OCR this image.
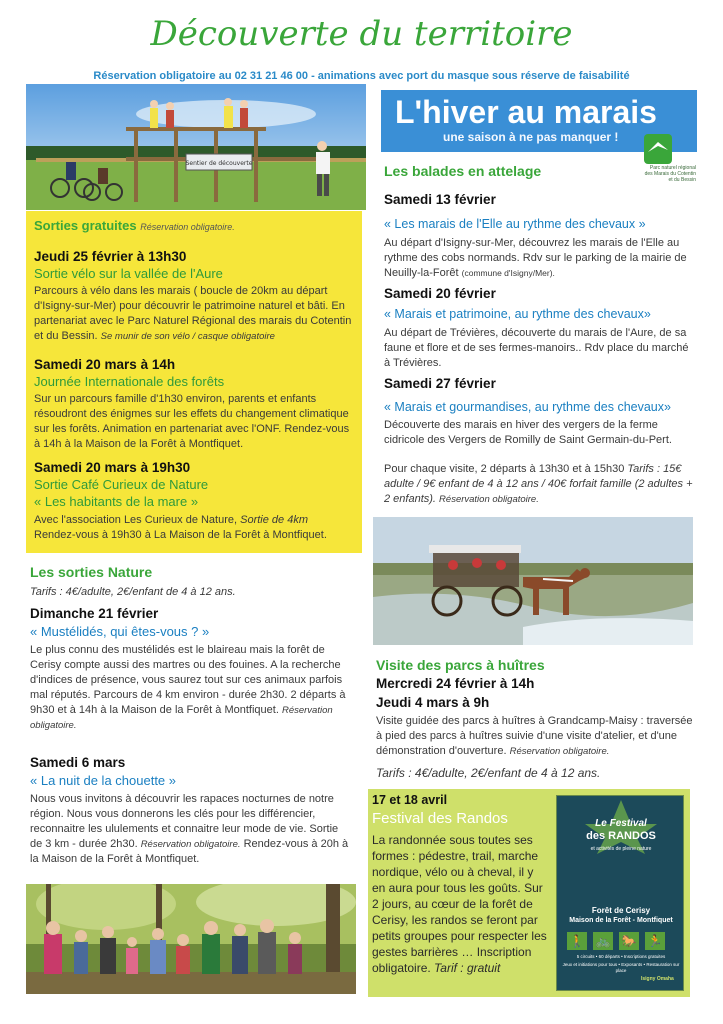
Découverte du territoire
Réservation obligatoire au 02 31 21 46 00 - animations avec port du masque sous réserve de faisabilité
Sentier de découverte
Sorties gratuites Réservation obligatoire.
Jeudi 25 février à 13h30
Sortie vélo sur la vallée de l'Aure
Parcours à vélo dans les marais ( boucle de 20km au départ d'Isigny-sur-Mer) pour découvrir le patrimoine naturel et bâti. En partenariat avec le Parc Naturel Régional des marais du Cotentin et du Bessin. Se munir de son vélo / casque obligatoire
Samedi 20 mars à 14h
Journée Internationale des forêts
Sur un parcours famille d'1h30 environ, parents et enfants résoudront des énigmes sur les effets du changement climatique sur les forêts. Animation en partenariat avec l'ONF. Rendez-vous à 14h à la Maison de la Forêt à Montfiquet.
Samedi 20 mars à 19h30
Sortie Café Curieux de Nature
« Les habitants de la mare »
Avec l'association Les Curieux de Nature, Sortie de 4km Rendez-vous à 19h30 à La Maison de la Forêt à Montfiquet.
Les sorties Nature
Tarifs : 4€/adulte, 2€/enfant de 4 à 12 ans.
Dimanche 21 février
« Mustélidés, qui êtes-vous ? »
Le plus connu des mustélidés est le blaireau mais la forêt de Cerisy compte aussi des martres ou des fouines. A la recherche d'indices de présence, vous saurez tout sur ces animaux parfois mal réputés. Parcours de 4 km environ - durée 2h30. 2 départs à 9h30 et à 14h à la Maison de la Forêt à Montfiquet. Réservation obligatoire.
Samedi 6 mars
« La nuit de la chouette »
Nous vous invitons à découvrir les rapaces nocturnes de notre région. Nous vous donnerons les clés pour les différencier, reconnaitre les ululements et connaitre leur mode de vie. Sortie de 3 km - durée 2h30. Réservation obligatoire. Rendez-vous à 20h à la Maison de la Forêt à Montfiquet.
L'hiver au marais
une saison à ne pas manquer !
Parc naturel régional des Marais du Cotentin et du Bessin
Les balades en attelage
Samedi 13 février
« Les marais de l'Elle au rythme des chevaux »
Au départ d'Isigny-sur-Mer, découvrez les marais de l'Elle au rythme des cobs normands. Rdv sur le parking de la mairie de Neuilly-la-Forêt (commune d'Isigny/Mer).
Samedi 20 février
« Marais et patrimoine, au rythme des chevaux»
Au départ de Trévières, découverte du marais de l'Aure, de sa faune et flore et de ses fermes-manoirs.. Rdv place du marché à Trévières.
Samedi 27 février
« Marais et gourmandises, au rythme des chevaux»
Découverte des marais en hiver des vergers de la ferme cidricole des Vergers de Romilly de Saint Germain-du-Pert.
Pour chaque visite, 2 départs à 13h30 et à 15h30 Tarifs : 15€ adulte / 9€ enfant de 4 à 12 ans / 40€ forfait famille (2 adultes + 2 enfants). Réservation obligatoire.
Visite des parcs à huîtres
Mercredi 24 février à 14h
Jeudi 4 mars à 9h
Visite guidée des parcs à huîtres à Grandcamp-Maisy : traversée à pied des parcs à huîtres suivie d'une visite d'atelier, et d'une démonstration d'ouverture. Réservation obligatoire.
Tarifs : 4€/adulte, 2€/enfant de 4 à 12 ans.
17 et 18 avril
Festival des Randos
La randonnée sous toutes ses formes : pédestre, trail, marche nordique, vélo ou à cheval, il y en aura pour tous les goûts. Sur 2 jours, au cœur de la forêt de Cerisy, les randos se feront par petits groupes pour respecter les gestes barrières … Inscription obligatoire. Tarif : gratuit
Le Festival
des RANDOS
et activités de pleine nature
Forêt de Cerisy
Maison de la Forêt - Montfiquet
🚶 🚲 🐎 🏃
5 circuits • 60 départs • Inscriptions gratuites
Jeux et initiations pour tous • Exposants • Restauration sur place
Isigny Omaha
